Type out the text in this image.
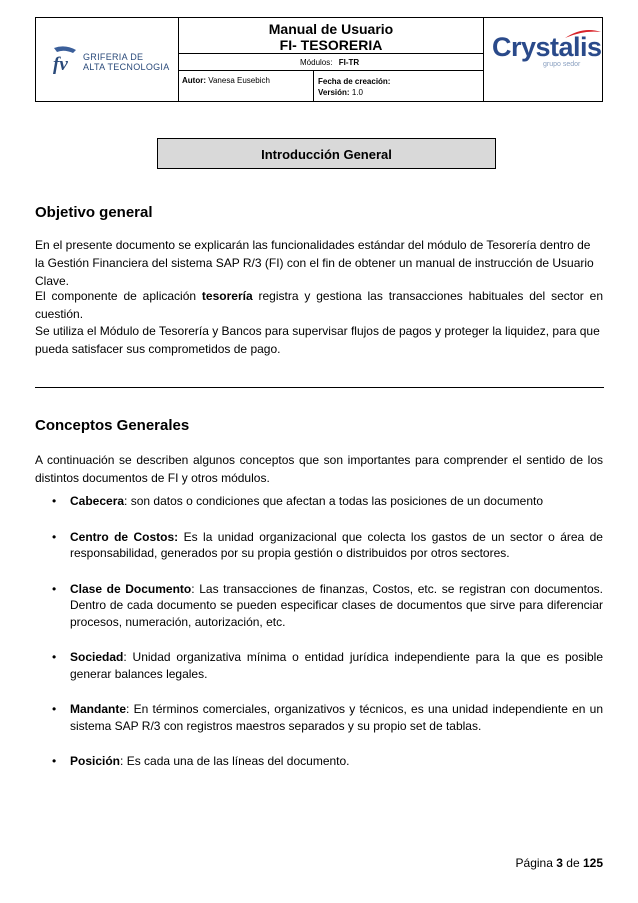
fv GRIFERIA DE
ALTA TECNOLOGIA
Manual de Usuario
FI- TESORERIA
Módulos: FI-TR
Autor: Vanesa Eusebich	Fecha de creación:
Versión: 1.0
Crystalis
grupo sedor
Introducción General
Objetivo general

En el presente documento se explicarán las funcionalidades estándar del módulo de Tesorería dentro de la Gestión Financiera del sistema SAP R/3 (FI) con el fin de obtener un manual de instrucción de Usuario Clave.

El componente de aplicación tesorería registra y gestiona las transacciones habituales del sector en cuestión.

Se utiliza el Módulo de Tesorería y Bancos para supervisar flujos de pagos y proteger la liquidez, para que pueda satisfacer sus comprometidos de pago.

Conceptos Generales

A continuación se describen algunos conceptos que son importantes para comprender el sentido de los distintos documentos de FI y otros módulos.

• Cabecera: son datos o condiciones que afectan a todas las posiciones de un documento
• Centro de Costos: Es la unidad organizacional que colecta los gastos de un sector o área de responsabilidad, generados por su propia gestión o distribuidos por otros sectores.
• Clase de Documento: Las transacciones de finanzas, Costos, etc. se registran con documentos. Dentro de cada documento se pueden especificar clases de documentos que sirve para diferenciar procesos, numeración, autorización, etc.
• Sociedad: Unidad organizativa mínima o entidad jurídica independiente para la que es posible generar balances legales.
• Mandante: En términos comerciales, organizativos y técnicos, es una unidad independiente en un sistema SAP R/3 con registros maestros separados y su propio set de tablas.
• Posición: Es cada una de las líneas del documento.
Página 3 de 125
